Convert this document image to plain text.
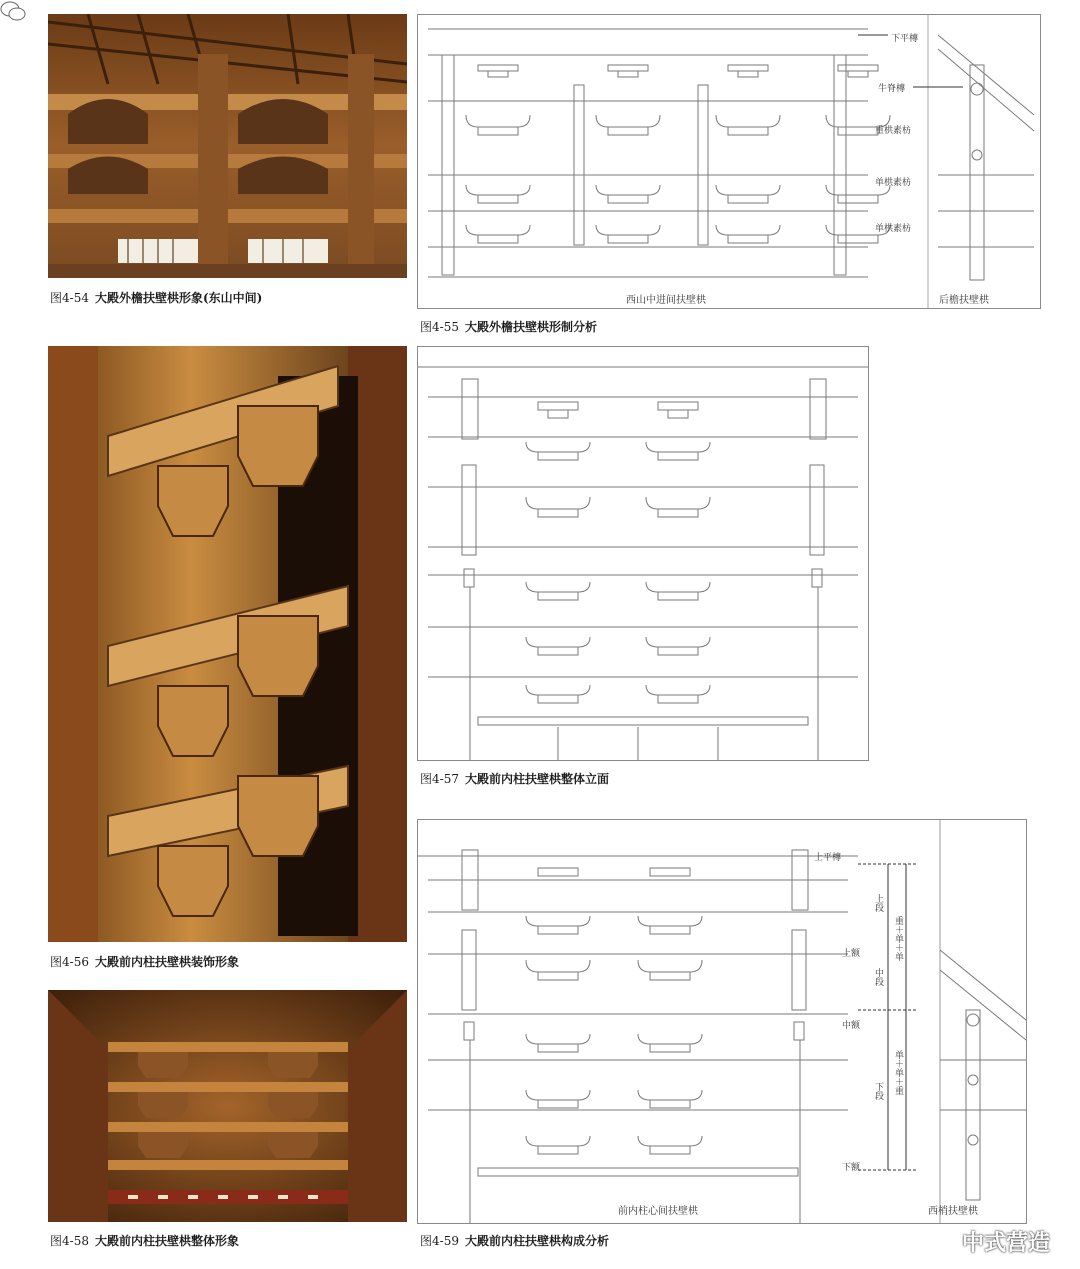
图4-54 大殿外檐扶壁栱形象(东山中间)
下平槫
牛脊槫
重栱素枋
单栱素枋
单栱素枋
西山中进间扶壁栱	后檐扶壁栱
图4-55 大殿外檐扶壁栱形制分析
图4-56 大殿前内柱扶壁栱装饰形象
图4-57 大殿前内柱扶壁栱整体立面
图4-58 大殿前内柱扶壁栱整体形象
上平槫
上额
中额
下额
上段
中段
下段
重＋单＋单
单＋单＋重
前内柱心间扶壁栱	西梢扶壁栱
图4-59 大殿前内柱扶壁栱构成分析	中式营造
